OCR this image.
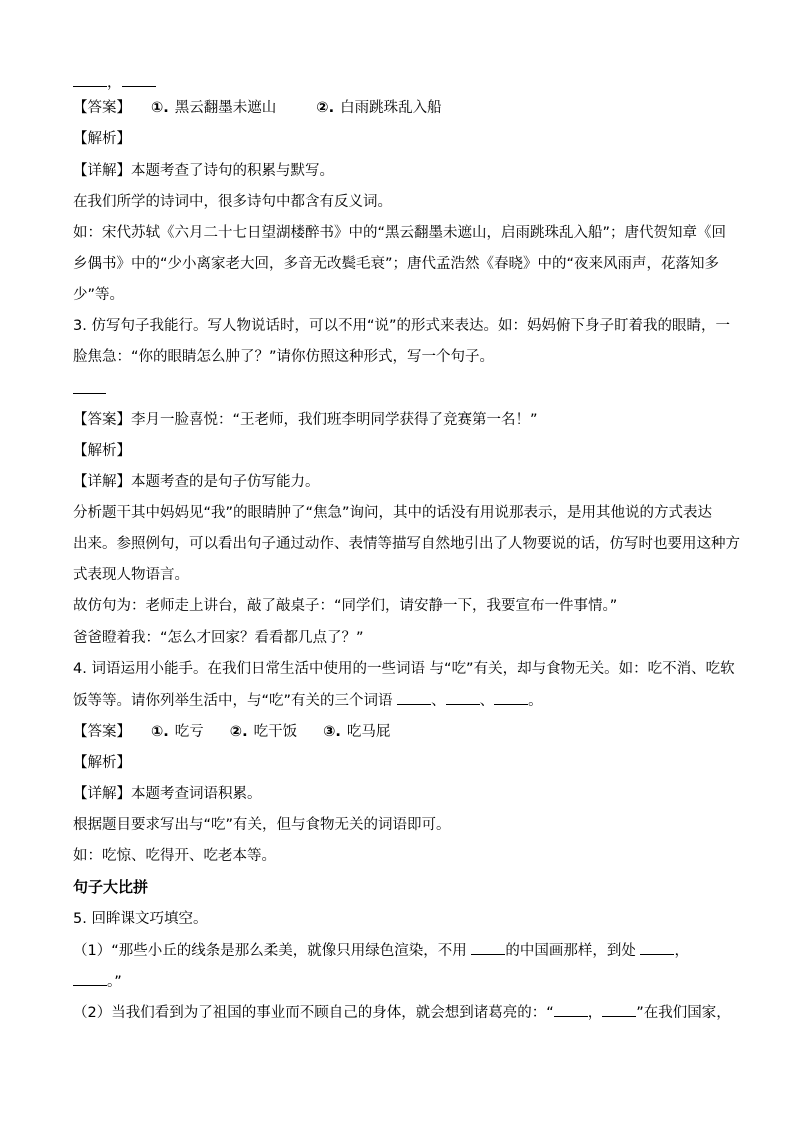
，
【答案】 ①. 黑云翻墨未遮山	②. 白雨跳珠乱入船
【解析】
【详解】本题考查了诗句的积累与默写。
在我们所学的诗词中，很多诗句中都含有反义词。
如：宋代苏轼《六月二十七日望湖楼醉书》中的“黑云翻墨未遮山，启雨跳珠乱入船”；唐代贺知章《回
乡偶书》中的“少小离家老大回，多音无改鬓毛衰”；唐代孟浩然《春晓》中的“夜来风雨声，花落知多
少”等。
3. 仿写句子我能行。写人物说话时，可以不用“说”的形式来表达。如：妈妈俯下身子盯着我的眼睛，一
脸焦急：“你的眼睛怎么肿了？”请你仿照这种形式，写一个句子。
【答案】李月一脸喜悦：“王老师，我们班李明同学获得了竞赛第一名！”
【解析】
【详解】本题考查的是句子仿写能力。
分析题干其中妈妈见“我”的眼睛肿了“焦急”询问，其中的话没有用说那表示，是用其他说的方式表达
出来。参照例句，可以看出句子通过动作、表情等描写自然地引出了人物要说的话，仿写时也要用这种方
式表现人物语言。
故仿句为：老师走上讲台，敲了敲桌子：“同学们，请安静一下，我要宣布一件事情。”
爸爸瞪着我：“怎么才回家？看看都几点了？”
4. 词语运用小能手。在我们日常生活中使用的一些词语 与“吃”有关，却与食物无关。如：吃不消、吃软
饭等等。请你列举生活中，与“吃”有关的三个词语	、 、 。
【答案】 ①. 吃亏 ②. 吃干饭 ③. 吃马屁
【解析】
【详解】本题考查词语积累。
根据题目要求写出与“吃”有关，但与食物无关的词语即可。
如：吃惊、吃得开、吃老本等。
句子大比拼
5. 回眸课文巧填空。
（1）“那些小丘的线条是那么柔美，就像只用绿色渲染，不用	的中国画那样，到处	，
。”
（2）当我们看到为了祖国的事业而不顾自己的身体，就会想到诸葛亮的：“ ， ”在我们国家，
